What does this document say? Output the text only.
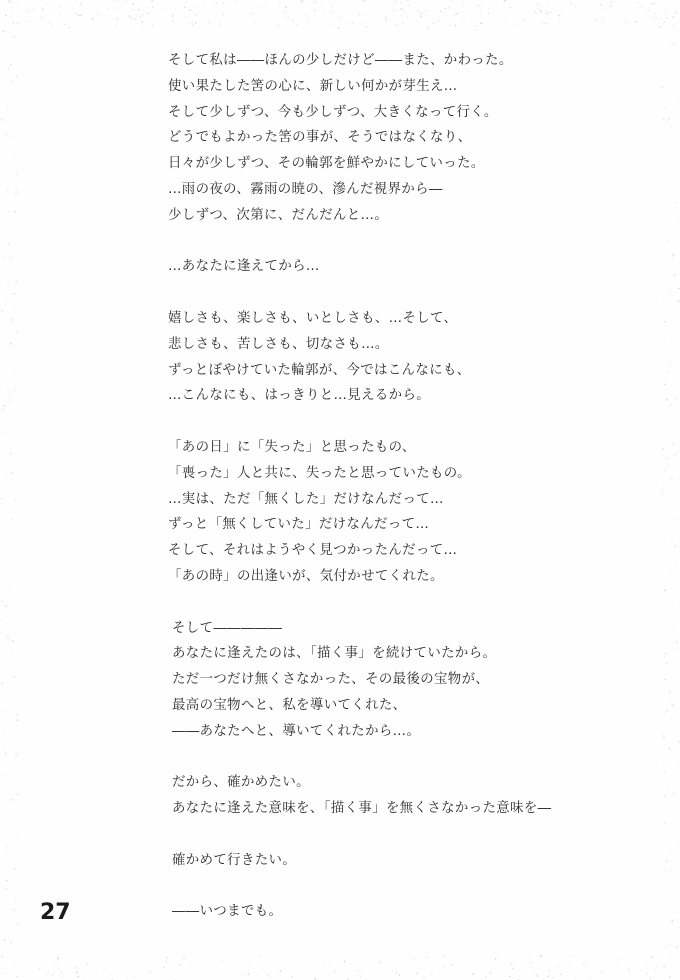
そして私は――ほんの少しだけど――また、かわった。
使い果たした筈の心に、新しい何かが芽生え…
そして少しずつ、今も少しずつ、大きくなって行く。
どうでもよかった筈の事が、そうではなくなり、
日々が少しずつ、その輪郭を鮮やかにしていった。
…雨の夜の、霧雨の暁の、滲んだ視界から―
少しずつ、次第に、だんだんと…。
…あなたに逢えてから…
嬉しさも、楽しさも、いとしさも、…そして、
悲しさも、苦しさも、切なさも…。
ずっとぼやけていた輪郭が、今ではこんなにも、
…こんなにも、はっきりと…見えるから。
「あの日」に「失った」と思ったもの、
「喪った」人と共に、失ったと思っていたもの。
…実は、ただ「無くした」だけなんだって…
ずっと「無くしていた」だけなんだって…
そして、それはようやく見つかったんだって…
「あの時」の出逢いが、気付かせてくれた。
そして―――――
あなたに逢えたのは、「描く事」を続けていたから。
ただ一つだけ無くさなかった、その最後の宝物が、
最高の宝物へと、私を導いてくれた、
――あなたへと、導いてくれたから…。
だから、確かめたい。
あなたに逢えた意味を、「描く事」を無くさなかった意味を―
確かめて行きたい。
――いつまでも。
27
